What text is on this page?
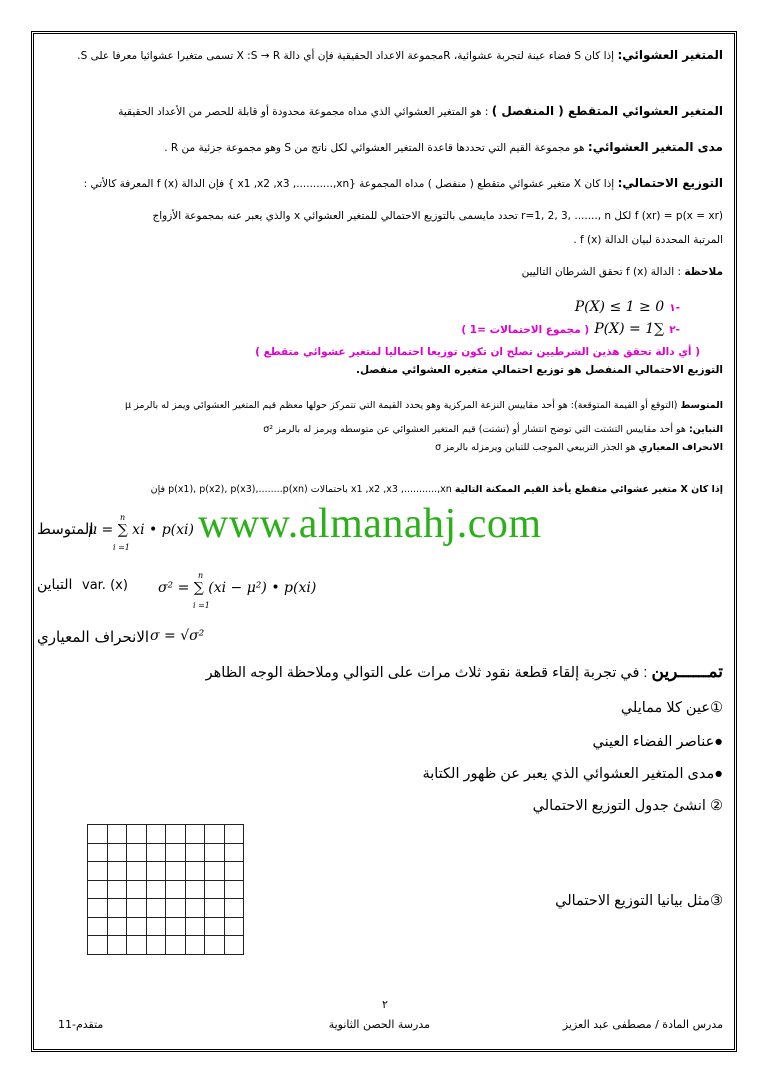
المتغير العشوائي: إذا كان S فضاء عينة لتجربة عشوائية، Rمجموعة الاعداد الحقيقية فإن أي دالة X :S → R تسمى متغيرا عشوائيا معرفا على S.
المتغير العشوائي المتقطع ( المنفصل ) : هو المتغير العشوائي الذي مداه مجموعة محدودة أو قابلة للحصر من الأعداد الحقيقية
مدى المتغير العشوائي: هو مجموعة القيم التي تحددها قاعدة المتغير العشوائي لكل ناتج من S وهو مجموعة جزئية من R .
التوزيع الاحتمالي: إذا كان X متغير عشوائي متقطع ( منفصل ) مداه المجموعة {x1 ,x2 ,x3 ,...........,xn } فإن الدالة f (x) المعرفة كالأتي :
f (xr) = p(x = xr) لكل r=1, 2, 3, ......., n تحدد مايسمى بالتوزيع الاحتمالي للمتغير العشوائي x والذي يعبر عنه بمجموعة الأزواج
المرتبة المحددة لبيان الدالة f (x) .
ملاحظة : الدالة f (x) تحقق الشرطان التاليين
-١ 0 ≤ P(X) ≤ 1
-٢ ∑P(X) = 1 ( مجموع الاحتمالات =1 )
( أي دالة تحقق هذين الشرطيين تصلح ان تكون توزيعا احتماليا لمتغير عشوائي متقطع )
التوزيع الاحتمالي المنفصل هو توزيع احتمالي متغيره العشوائي منفصل.
المتوسط (التوقع أو القيمة المتوقعة): هو أحد مقاييس النزعة المركزية وهو يحدد القيمة التي تتمركز حولها معظم قيم المتغير العشوائي ويمز له بالرمز μ
التباين: هو أحد مقاييس التشتت التي توضح انتشار أو (تشتت) قيم المتغير العشوائي عن متوسطه ويرمز له بالرمز σ²
الانحراف المعياري هو الجذر التربيعي الموجب للتباين ويرمزله بالرمز σ
إذا كان X متغير عشوائي متقطع يأخذ القيم الممكنة التالية x1 ,x2 ,x3 ,...........,xn باحتمالات p(x1), p(x2), p(x3),........p(xn) فإن
المتوسط
μ = ∑ xi • p(xi)
n
i =1
www.almanahj.com
التباين var. (x) σ² = ∑ (xi − μ²) • p(xi)
n
i =1
الانحراف المعياري σ = √σ²
تمــــــرين : في تجربة إلقاء قطعة نقود ثلاث مرات على التوالي وملاحظة الوجه الظاهر
①عين كلا ممايلي
●عناصر الفضاء العيني
●مدى المتغير العشوائي الذي يعبر عن ظهور الكتابة
② انشئ جدول التوزيع الاحتمالي

③مثل بيانيا التوزيع الاحتمالي
٢
مدرس المادة / مصطفى عبد العزيز
مدرسة الحصن الثانوية
11-متقدم
